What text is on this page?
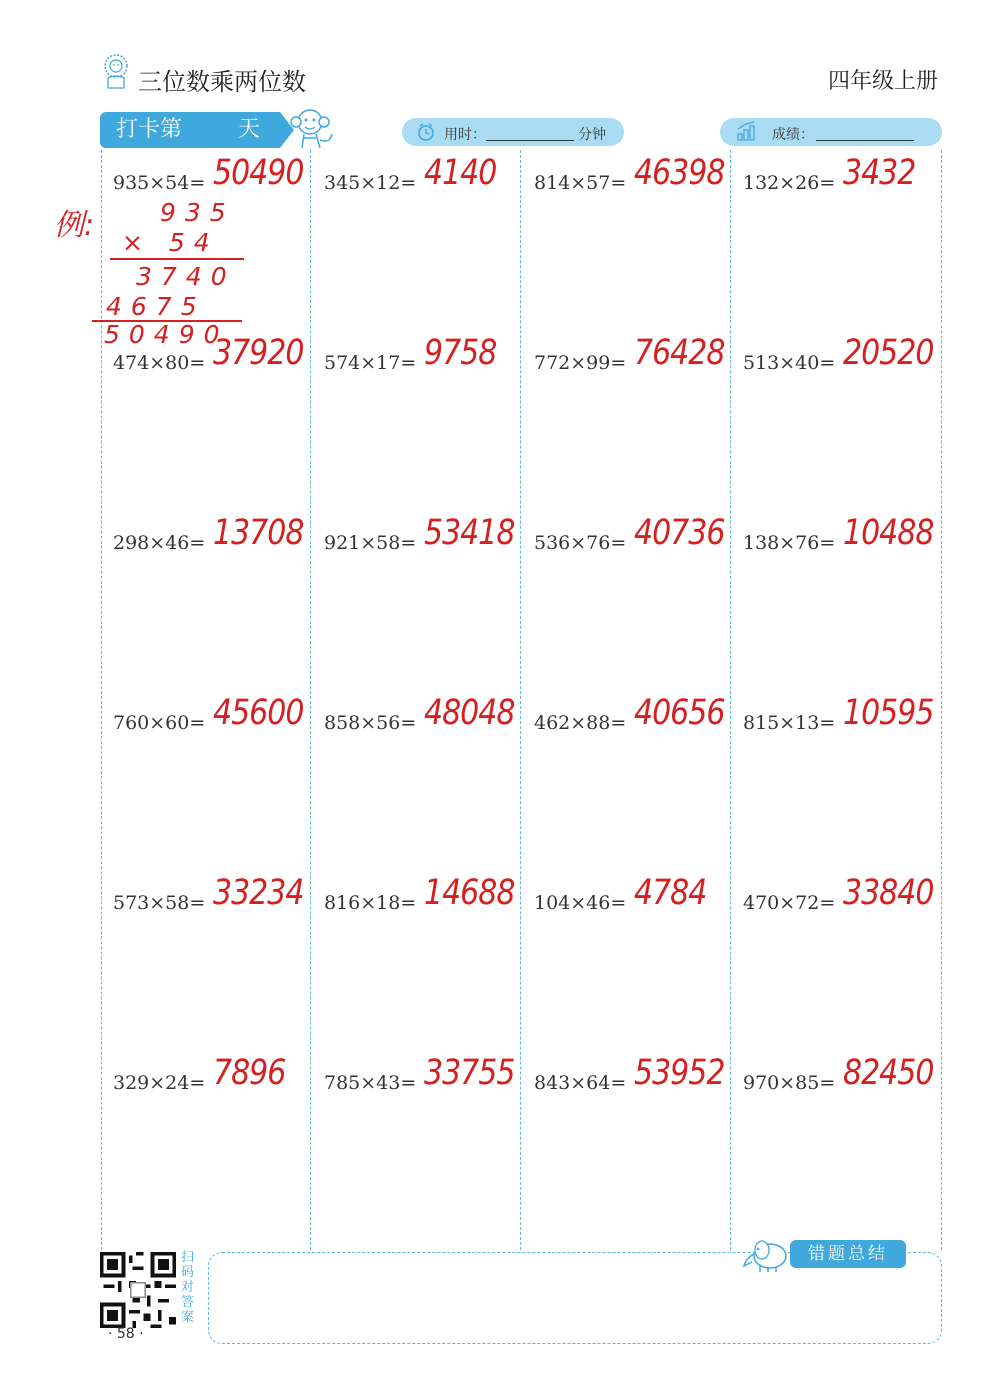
三位数乘两位数	四年级上册
打卡第	天	用时：	分钟	成绩：
例:	935
× 54
3740
4675
50490
935×54= 50490 345×12= 4140 814×57= 46398 132×26= 3432
474×80= 37920 574×17= 9758 772×99= 76428 513×40= 20520
298×46= 13708 921×58= 53418 536×76= 40736 138×76= 10488
760×60= 45600 858×56= 48048 462×88= 40656 815×13= 10595
573×58= 33234 816×18= 14688 104×46= 4784 470×72= 33840
329×24= 7896 785×43= 33755 843×64= 53952 970×85= 82450
扫码对答案
· 58 ·
错题总结
